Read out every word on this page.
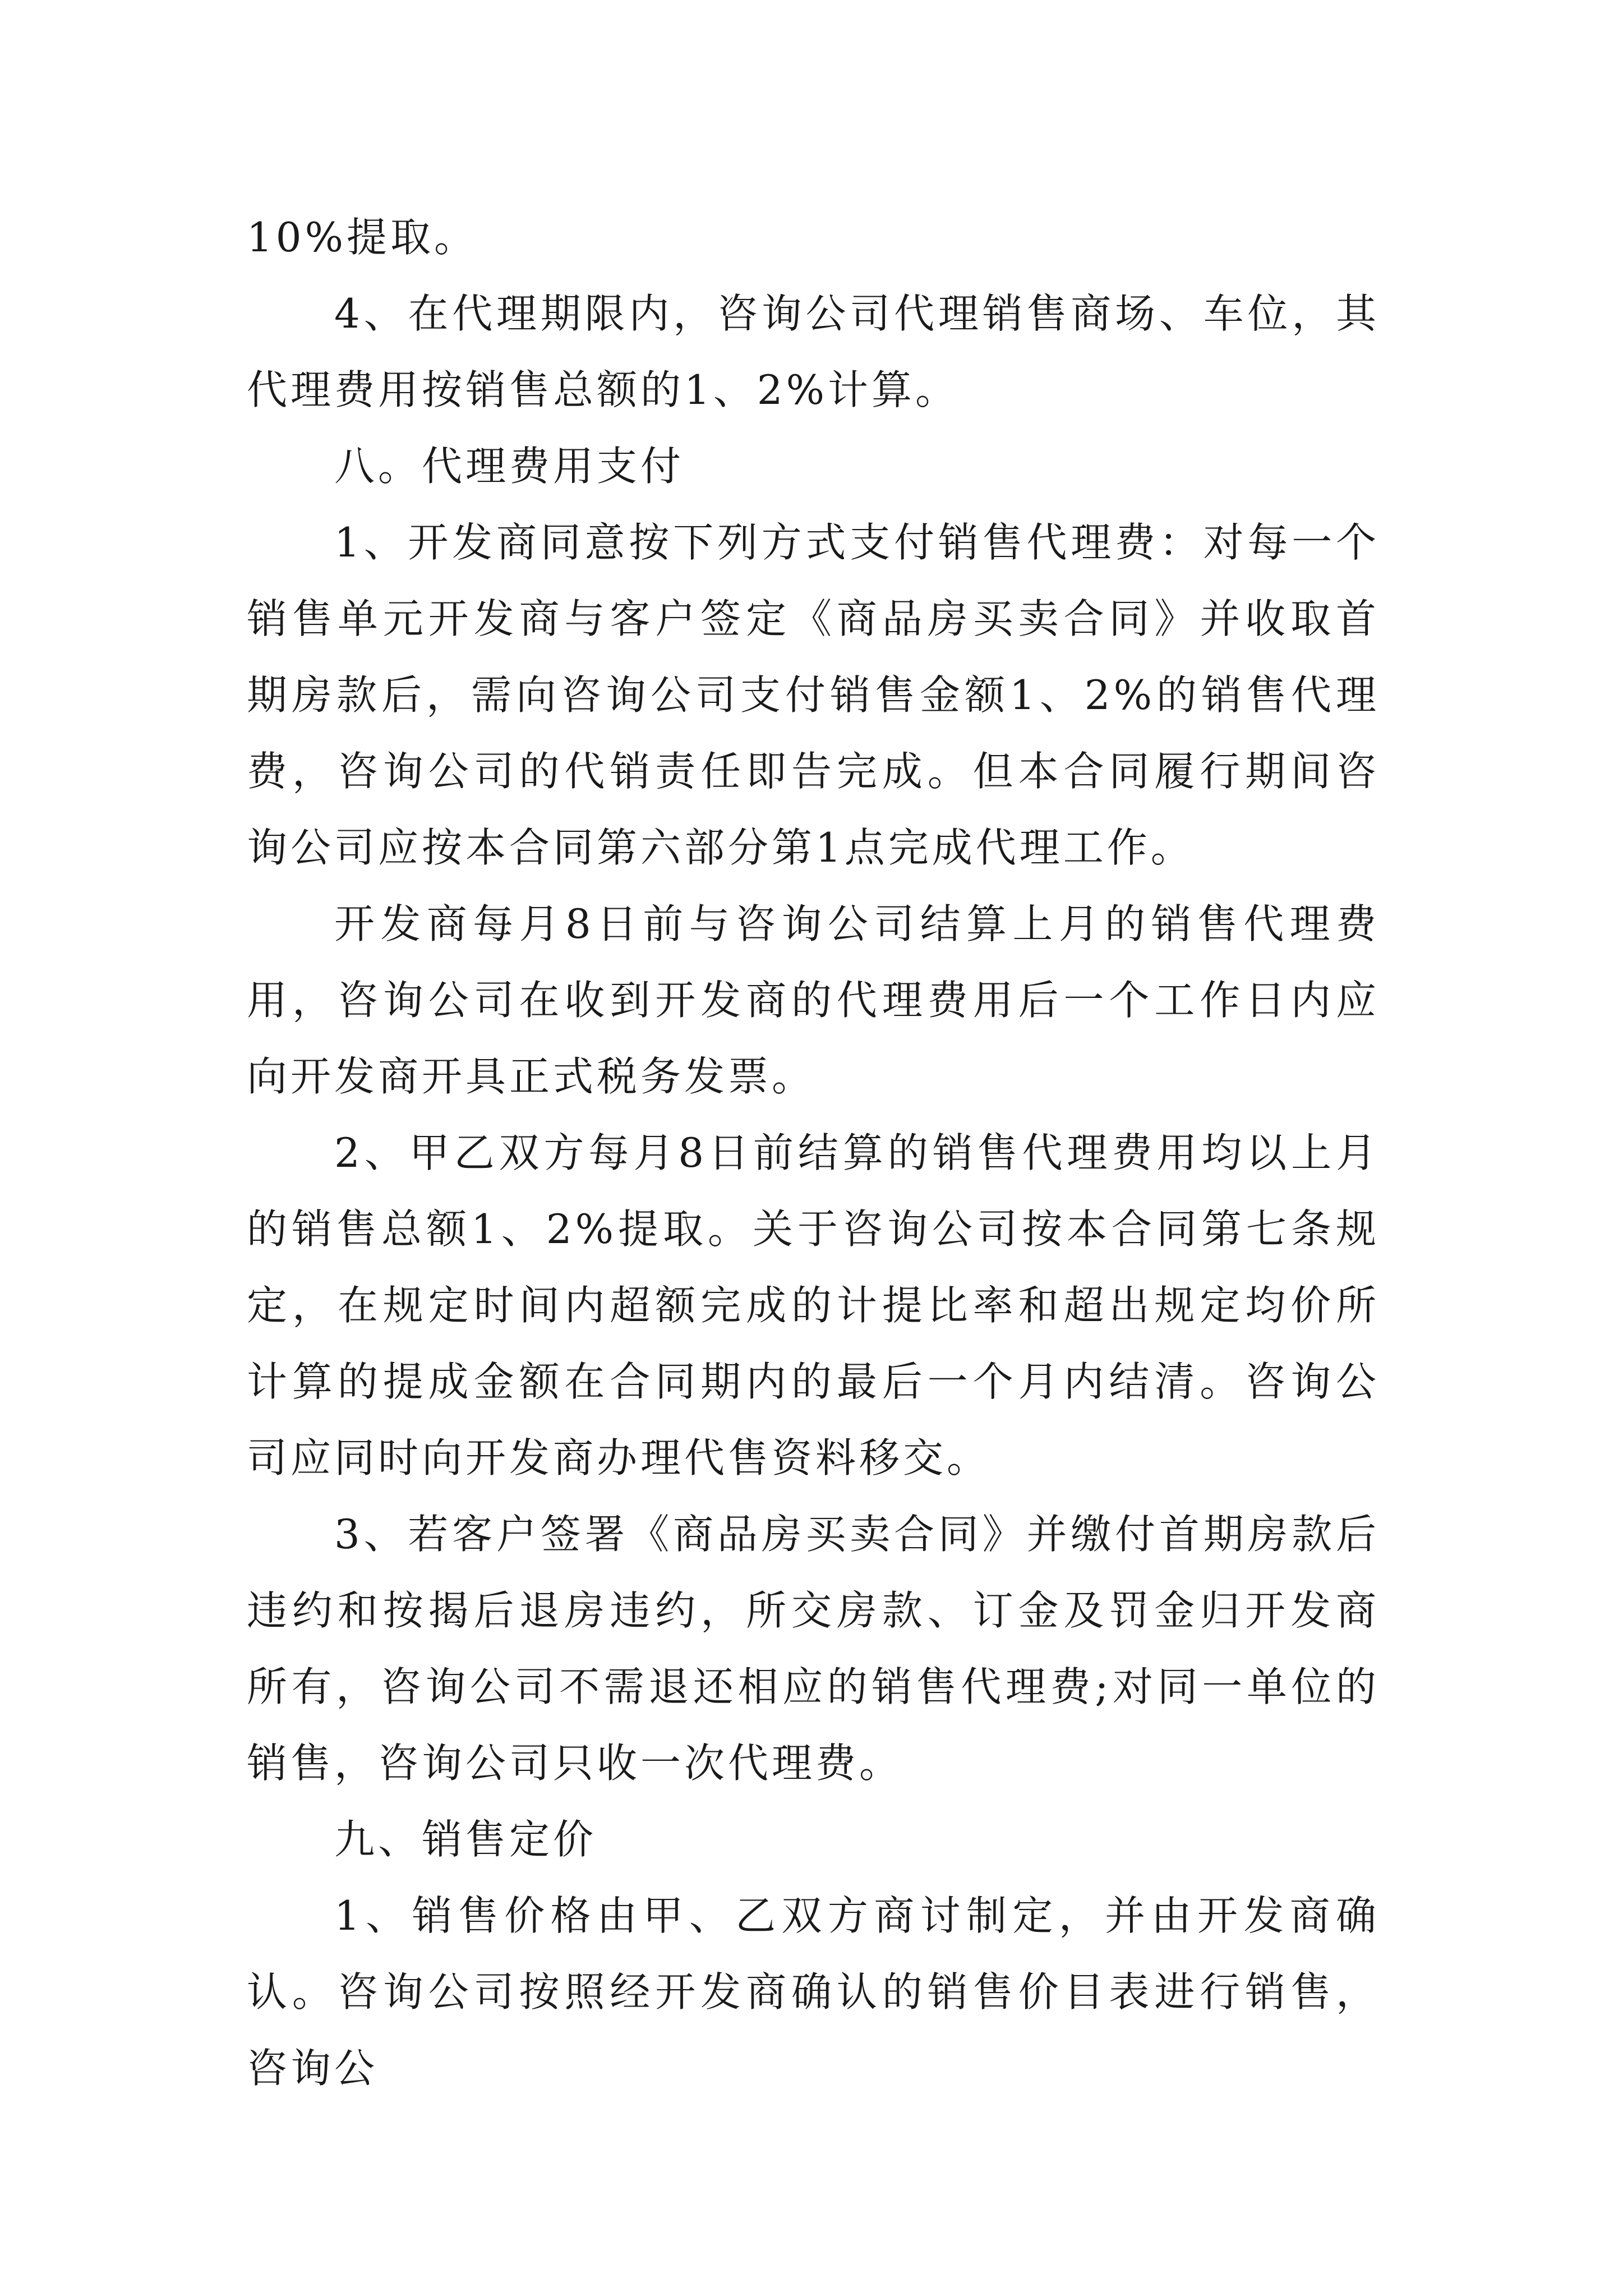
10%提取。

4、在代理期限内，咨询公司代理销售商场、车位，其代理费用按销售总额的1、2%计算。

八。代理费用支付

1、开发商同意按下列方式支付销售代理费：对每一个销售单元开发商与客户签定《商品房买卖合同》并收取首期房款后，需向咨询公司支付销售金额1、2%的销售代理费，咨询公司的代销责任即告完成。但本合同履行期间咨询公司应按本合同第六部分第1点完成代理工作。

开发商每月8日前与咨询公司结算上月的销售代理费用，咨询公司在收到开发商的代理费用后一个工作日内应向开发商开具正式税务发票。

2、甲乙双方每月8日前结算的销售代理费用均以上月的销售总额1、2%提取。关于咨询公司按本合同第七条规定，在规定时间内超额完成的计提比率和超出规定均价所计算的提成金额在合同期内的最后一个月内结清。咨询公司应同时向开发商办理代售资料移交。

3、若客户签署《商品房买卖合同》并缴付首期房款后违约和按揭后退房违约，所交房款、订金及罚金归开发商所有，咨询公司不需退还相应的销售代理费;对同一单位的销售，咨询公司只收一次代理费。

九、销售定价

1、销售价格由甲、乙双方商讨制定，并由开发商确认。咨询公司按照经开发商确认的销售价目表进行销售，咨询公
